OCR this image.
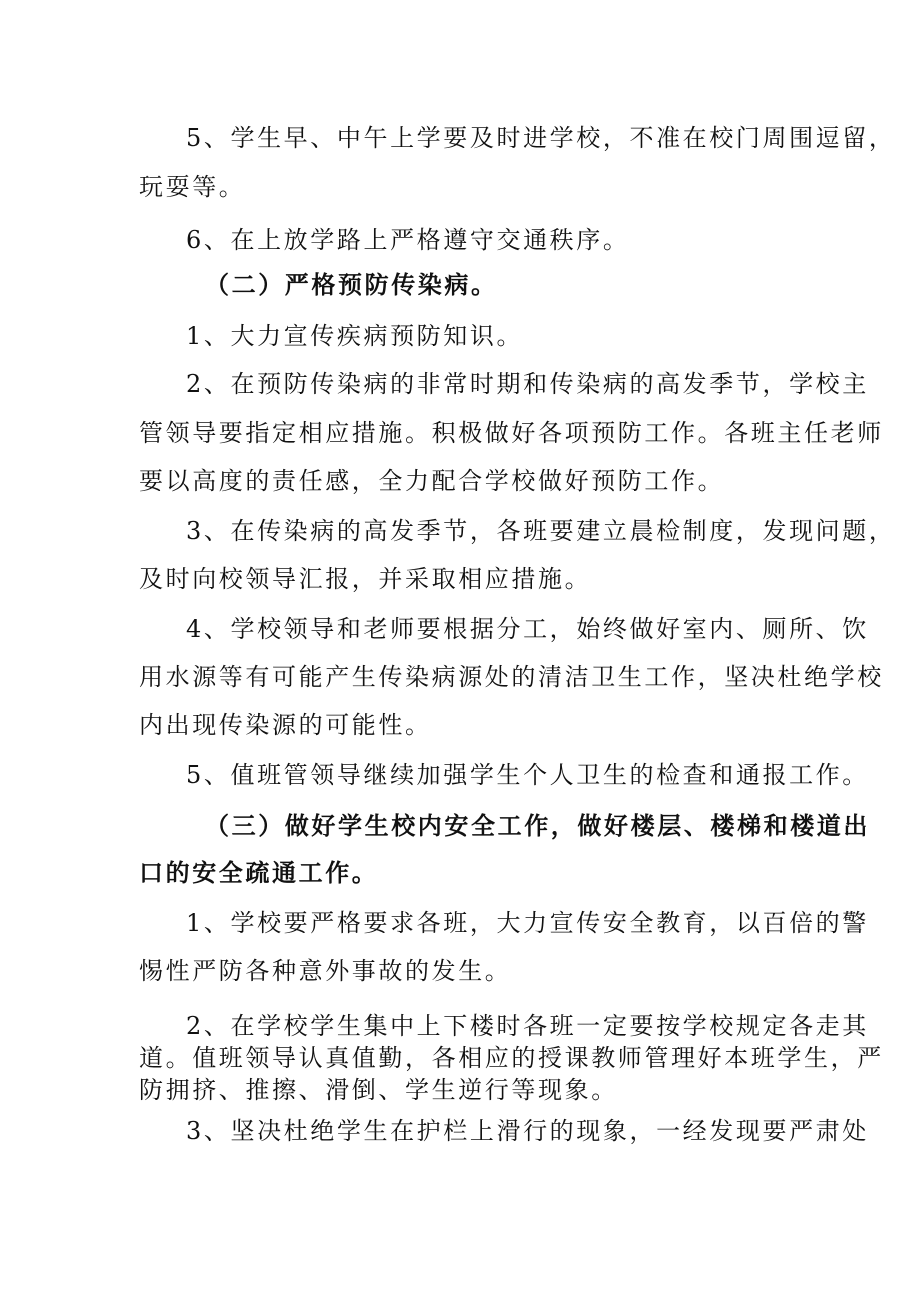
5、学生早、中午上学要及时进学校，不准在校门周围逗留，
玩耍等。
6、在上放学路上严格遵守交通秩序。
（二）严格预防传染病。
1、大力宣传疾病预防知识。
2、在预防传染病的非常时期和传染病的高发季节，学校主
管领导要指定相应措施。积极做好各项预防工作。各班主任老师
要以高度的责任感，全力配合学校做好预防工作。
3、在传染病的高发季节，各班要建立晨检制度，发现问题，
及时向校领导汇报，并采取相应措施。
4、学校领导和老师要根据分工，始终做好室内、厕所、饮
用水源等有可能产生传染病源处的清洁卫生工作，坚决杜绝学校
内出现传染源的可能性。
5、值班管领导继续加强学生个人卫生的检查和通报工作。
（三）做好学生校内安全工作，做好楼层、楼梯和楼道出
口的安全疏通工作。
1、学校要严格要求各班，大力宣传安全教育，以百倍的警
惕性严防各种意外事故的发生。
2、在学校学生集中上下楼时各班一定要按学校规定各走其
道。值班领导认真值勤，各相应的授课教师管理好本班学生，严
防拥挤、推擦、滑倒、学生逆行等现象。
3、坚决杜绝学生在护栏上滑行的现象，一经发现要严肃处
